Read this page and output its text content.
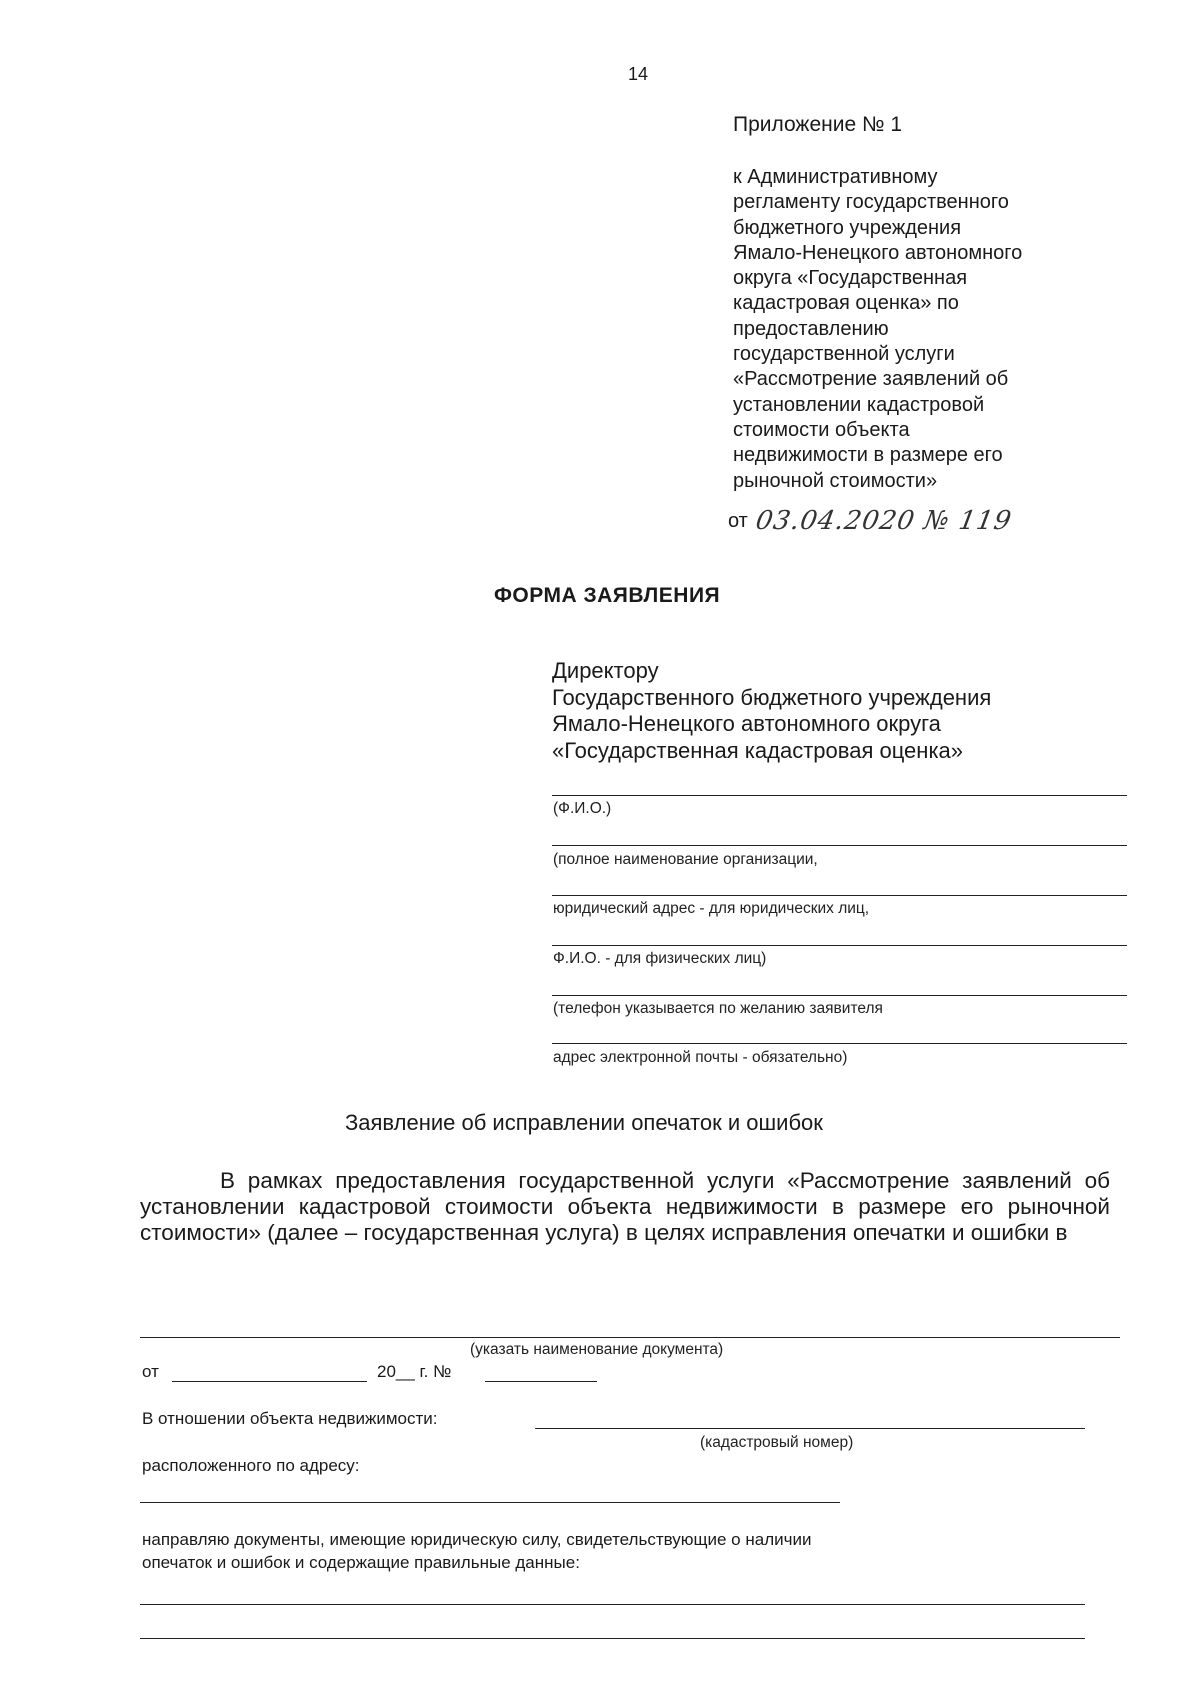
14
Приложение № 1
к Административному
регламенту государственного
бюджетного учреждения
Ямало-Ненецкого автономного
округа «Государственная
кадастровая оценка» по
предоставлению
государственной услуги
«Рассмотрение заявлений об
установлении кадастровой
стоимости объекта
недвижимости в размере его
рыночной стоимости»
от 03.04.2020 № 119
ФОРМА ЗАЯВЛЕНИЯ
Директору
Государственного бюджетного учреждения
Ямало-Ненецкого автономного округа
«Государственная кадастровая оценка»
(Ф.И.О.)
(полное наименование организации,
юридический адрес - для юридических лиц,
Ф.И.О. - для физических лиц)
(телефон указывается по желанию заявителя
адрес электронной почты - обязательно)
Заявление об исправлении опечаток и ошибок
В рамках предоставления государственной услуги «Рассмотрение заявлений об установлении кадастровой стоимости объекта недвижимости в размере его рыночной стоимости» (далее – государственная услуга) в целях исправления опечатки и ошибки в
(указать наименование документа)
от	20__ г. №
В отношении объекта недвижимости:
(кадастровый номер)
расположенного по адресу:
направляю документы, имеющие юридическую силу, свидетельствующие о наличии
опечаток и ошибок и содержащие правильные данные:
